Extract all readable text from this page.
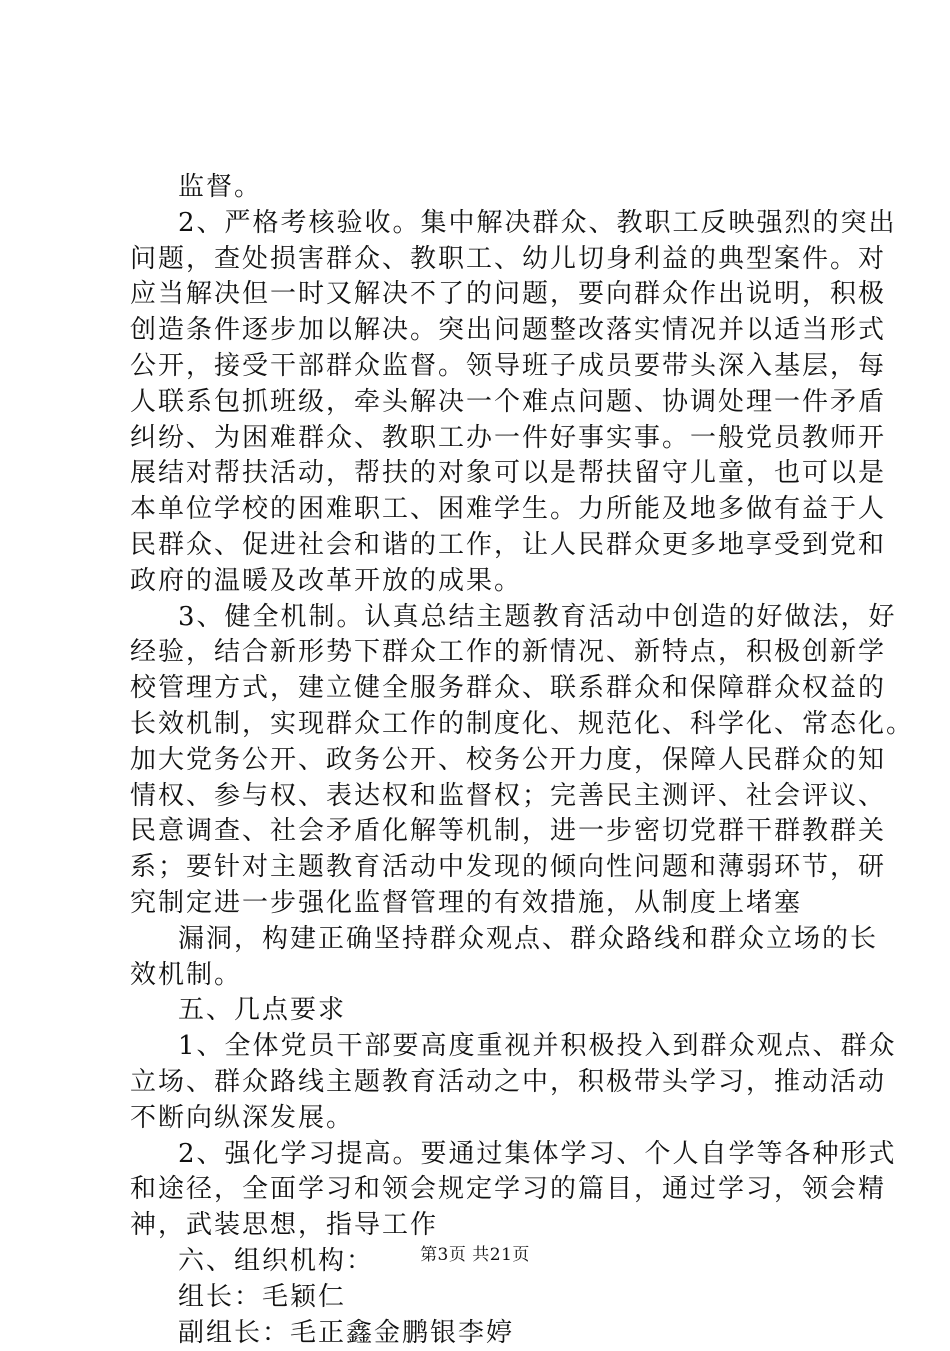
监督。
2、严格考核验收。集中解决群众、教职工反映强烈的突出
问题，查处损害群众、教职工、幼儿切身利益的典型案件。对
应当解决但一时又解决不了的问题，要向群众作出说明，积极
创造条件逐步加以解决。突出问题整改落实情况并以适当形式
公开，接受干部群众监督。领导班子成员要带头深入基层，每
人联系包抓班级，牵头解决一个难点问题、协调处理一件矛盾
纠纷、为困难群众、教职工办一件好事实事。一般党员教师开
展结对帮扶活动，帮扶的对象可以是帮扶留守儿童，也可以是
本单位学校的困难职工、困难学生。力所能及地多做有益于人
民群众、促进社会和谐的工作，让人民群众更多地享受到党和
政府的温暖及改革开放的成果。
3、健全机制。认真总结主题教育活动中创造的好做法，好
经验，结合新形势下群众工作的新情况、新特点，积极创新学
校管理方式，建立健全服务群众、联系群众和保障群众权益的
长效机制，实现群众工作的制度化、规范化、科学化、常态化。
加大党务公开、政务公开、校务公开力度，保障人民群众的知
情权、参与权、表达权和监督权；完善民主测评、社会评议、
民意调查、社会矛盾化解等机制，进一步密切党群干群教群关
系；要针对主题教育活动中发现的倾向性问题和薄弱环节，研
究制定进一步强化监督管理的有效措施，从制度上堵塞
漏洞，构建正确坚持群众观点、群众路线和群众立场的长
效机制。
五、几点要求
1、全体党员干部要高度重视并积极投入到群众观点、群众
立场、群众路线主题教育活动之中，积极带头学习，推动活动
不断向纵深发展。
2、强化学习提高。要通过集体学习、个人自学等各种形式
和途径，全面学习和领会规定学习的篇目，通过学习，领会精
神，武装思想，指导工作
六、组织机构：
组长：毛颖仁
副组长：毛正鑫金鹏银李婷
第3页 共21页
